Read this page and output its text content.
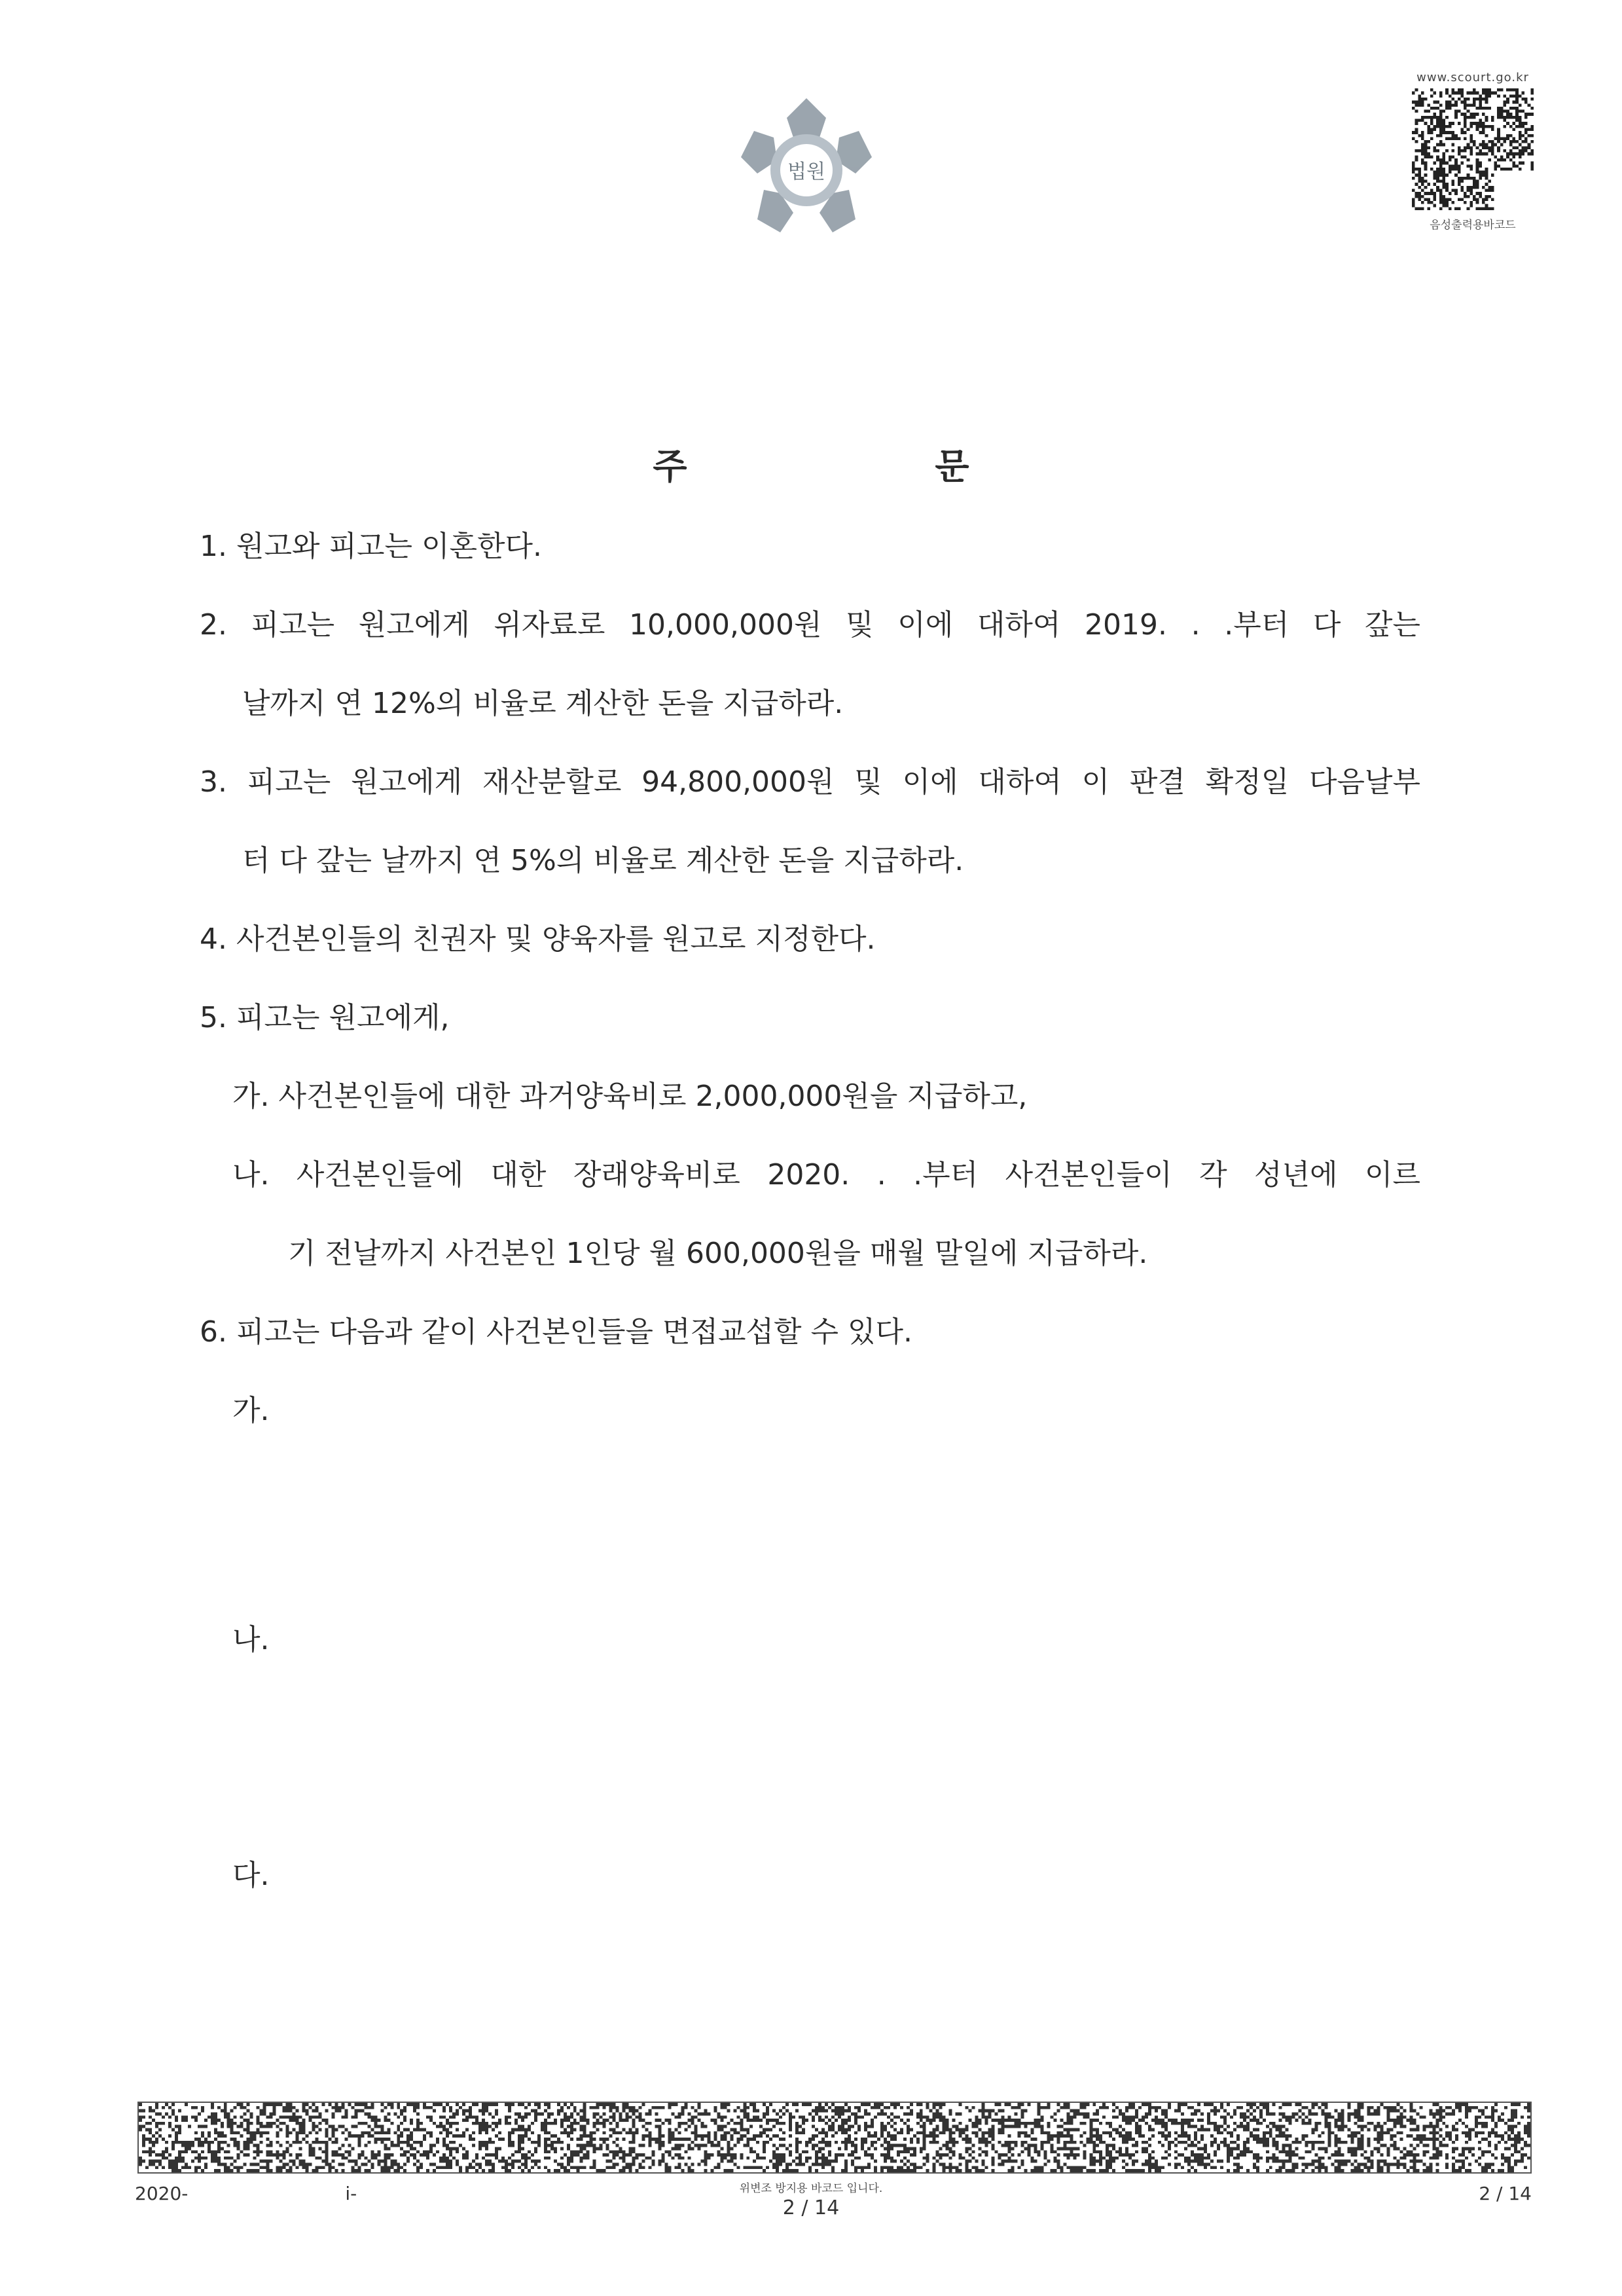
법원
www.scourt.go.kr
음성출력용바코드
주 문
1. 원고와 피고는 이혼한다.
2. 피고는 원고에게 위자료로 10,000,000원 및 이에 대하여 2019. . .부터 다 갚는
날까지 연 12%의 비율로 계산한 돈을 지급하라.
3. 피고는 원고에게 재산분할로 94,800,000원 및 이에 대하여 이 판결 확정일 다음날부
터 다 갚는 날까지 연 5%의 비율로 계산한 돈을 지급하라.
4. 사건본인들의 친권자 및 양육자를 원고로 지정한다.
5. 피고는 원고에게,
가. 사건본인들에 대한 과거양육비로 2,000,000원을 지급하고,
나. 사건본인들에 대한 장래양육비로 2020. . .부터 사건본인들이 각 성년에 이르
기 전날까지 사건본인 1인당 월 600,000원을 매월 말일에 지급하라.
6. 피고는 다음과 같이 사건본인들을 면접교섭할 수 있다.
가.
나.
다.
2020-	i-	위변조 방지용 바코드 입니다.
2 / 14
2 / 14
